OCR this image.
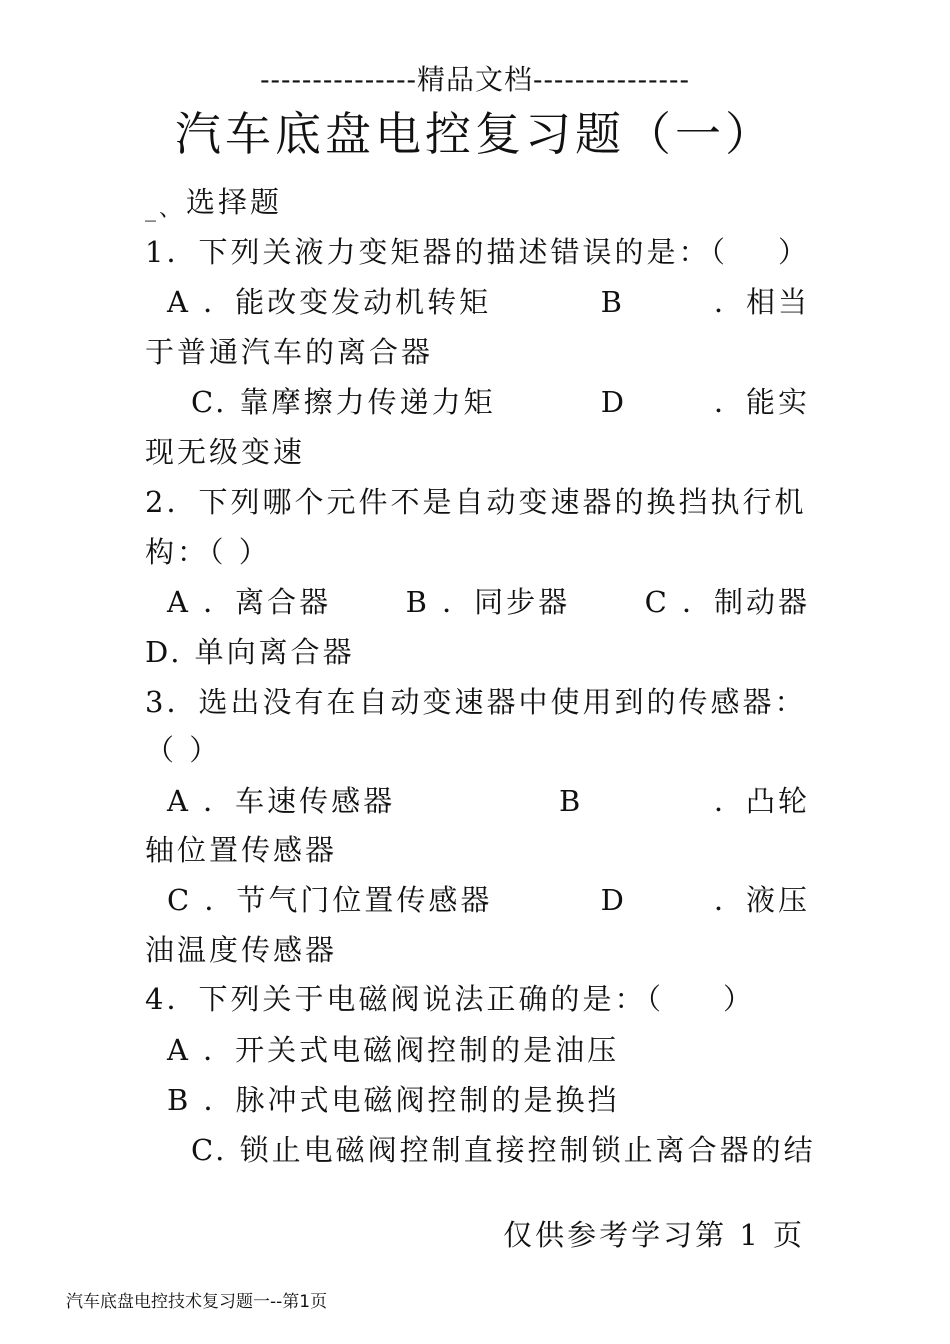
---------------精品文档---------------
汽车底盘电控复习题（一）
_、 选择题
1．下列关液力变矩器的描述错误的是：（ ）
A ．能改变发动机转矩	B	．相当
于普通汽车的离合器
C. 靠摩擦力传递力矩	D	．能实
现无级变速
2．下列哪个元件不是自动变速器的换挡执行机
构：（ ）
A ．离合器	B ．同步器	C ．制动器
D. 单向离合器
3．选出没有在自动变速器中使用到的传感器：
（ ）
A ．车速传感器	B	．凸轮
轴位置传感器
C ．节气门位置传感器	D	．液压
油温度传感器
4．下列关于电磁阀说法正确的是：（ ）
A ．开关式电磁阀控制的是油压
B ．脉冲式电磁阀控制的是换挡
C. 锁止电磁阀控制直接控制锁止离合器的结
仅供参考学习第 1 页
汽车底盘电控技术复习题一--第1页
